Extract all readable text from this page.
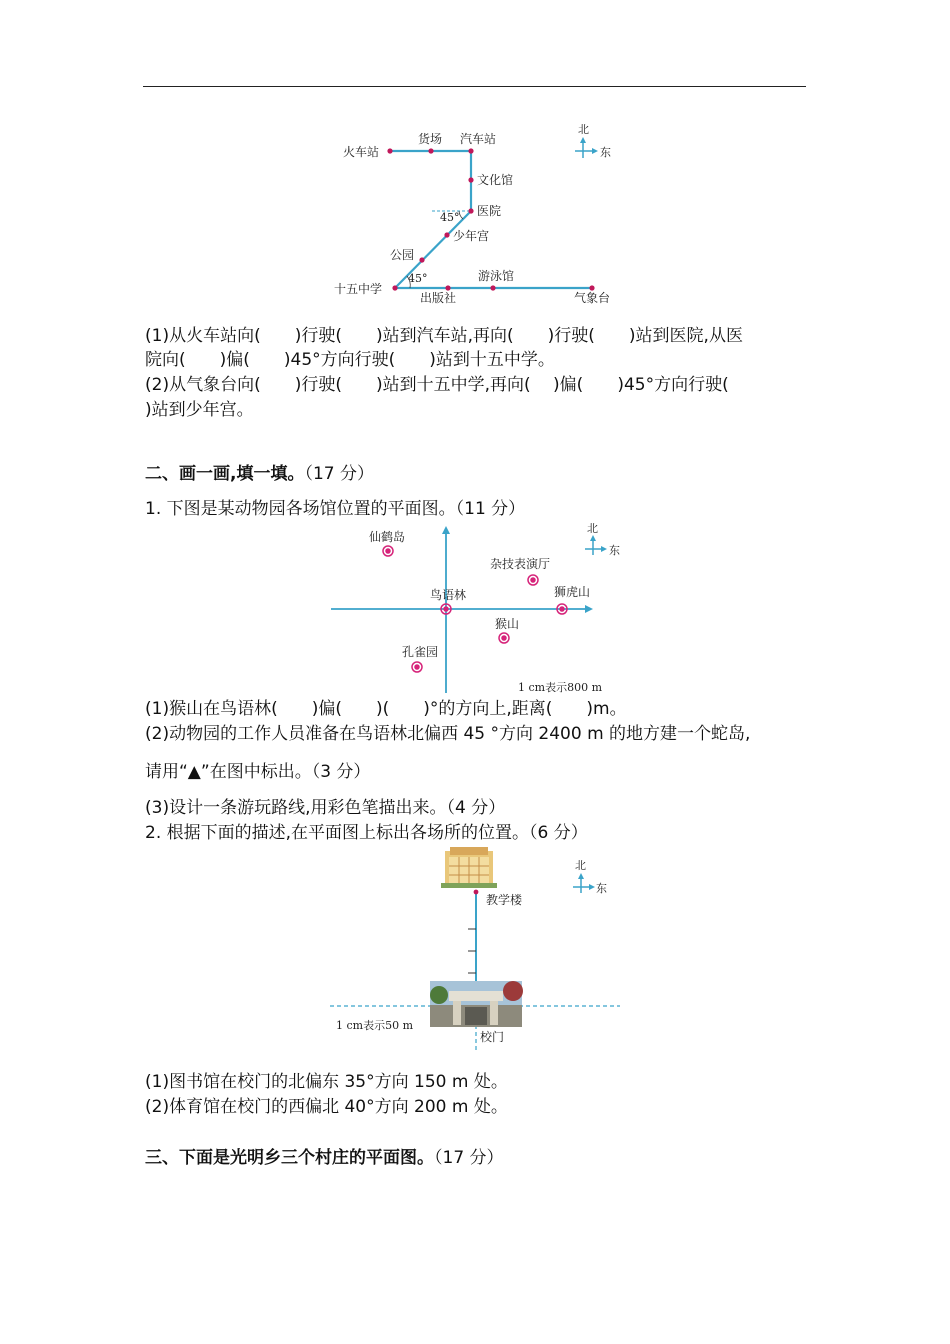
火车站
货场 汽车站
文化馆
医院
45°
少年宫
公园
45°
十五中学
出版社
游泳馆
气象台
北
东
(1)从火车站向(　　)行驶(　　)站到汽车站,再向(　　)行驶(　　)站到医院,从医
院向(　　)偏(　　)45°方向行驶(　　)站到十五中学。
(2)从气象台向(　　)行驶(　　)站到十五中学,再向(　 )偏(　　)45°方向行驶(
)站到少年宫。
二、画一画,填一填。（17 分）
1. 下图是某动物园各场馆位置的平面图。（11 分）
仙鹤岛
杂技表演厅
鸟语林	狮虎山
猴山
孔雀园
1 cm表示800 m
北
东
(1)猴山在鸟语林(　　)偏(　　)(　　)°的方向上,距离(　　)m。
(2)动物园的工作人员准备在鸟语林北偏西 45 °方向 2400 m 的地方建一个蛇岛,
请用“▲”在图中标出。（3 分）
(3)设计一条游玩路线,用彩色笔描出来。（4 分）
2. 根据下面的描述,在平面图上标出各场所的位置。（6 分）
教学楼
校门
1 cm表示50 m
北
东
(1)图书馆在校门的北偏东 35°方向 150 m 处。
(2)体育馆在校门的西偏北 40°方向 200 m 处。
三、下面是光明乡三个村庄的平面图。（17 分）
